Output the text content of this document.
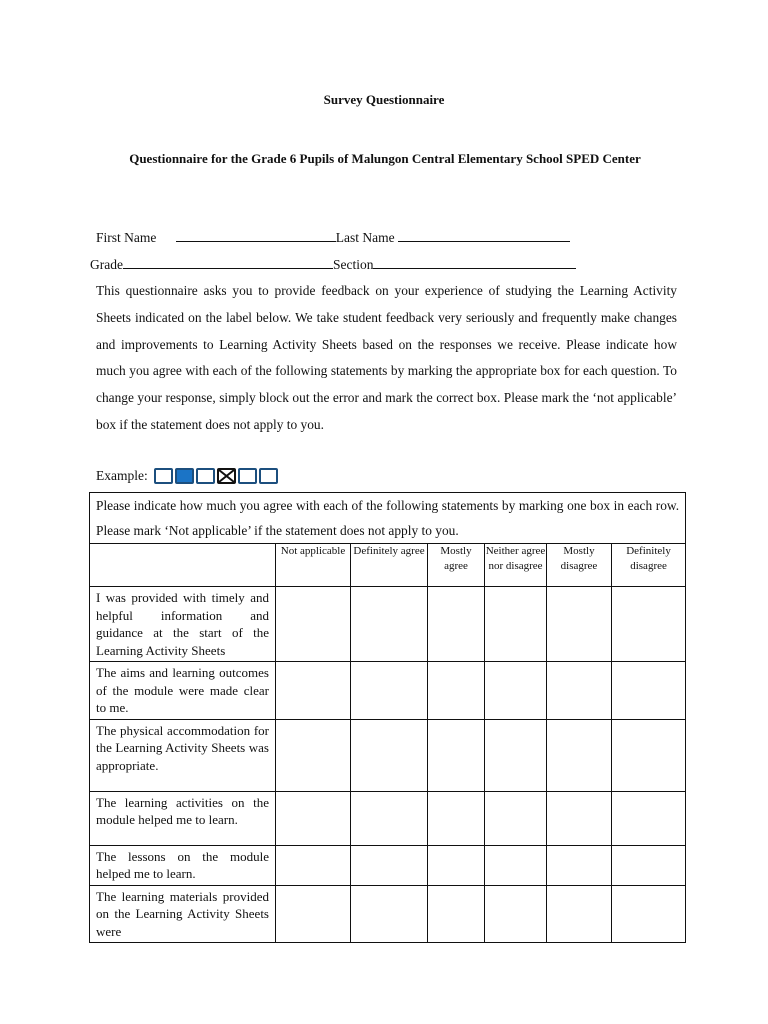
Survey Questionnaire
Questionnaire for the Grade 6 Pupils of Malungon Central Elementary School SPED Center
First Name	Last Name
Grade	Section
This questionnaire asks you to provide feedback on your experience of studying the Learning Activity Sheets indicated on the label below. We take student feedback very seriously and frequently make changes and improvements to Learning Activity Sheets based on the responses we receive. Please indicate how much you agree with each of the following statements by marking the appropriate box for each question. To change your response, simply block out the error and mark the correct box. Please mark the ‘not applicable’ box if the statement does not apply to you.
Example:
Please indicate how much you agree with each of the following statements by marking one box in each row. Please mark ‘Not applicable’ if the statement does not apply to you.						
	Not applicable	Definitely agree	Mostly agree	Neither agree nor disagree	Mostly disagree	Definitely disagree
I was provided with timely and helpful information and guidance at the start of the Learning Activity Sheets						
The aims and learning outcomes of the module were made clear to me.						
The physical accommodation for the Learning Activity Sheets was appropriate.						
The learning activities on the module helped me to learn.						
The lessons on the module helped me to learn.						
The learning materials provided on the Learning Activity Sheets were						
